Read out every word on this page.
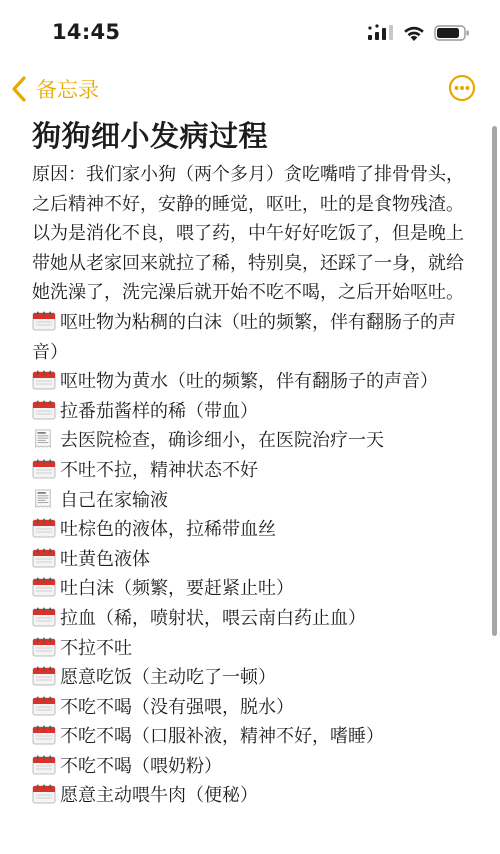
14:45
备忘录
狗狗细小发病过程
原因：我们家小狗（两个多月）贪吃嘴啃了排骨骨头，之后精神不好，安静的睡觉，呕吐，吐的是食物残渣。以为是消化不良，喂了药，中午好好吃饭了，但是晚上带她从老家回来就拉了稀，特别臭，还踩了一身，就给她洗澡了，洗完澡后就开始不吃不喝，之后开始呕吐。
呕吐物为粘稠的白沫（吐的频繁，伴有翻肠子的声音）
呕吐物为黄水（吐的频繁，伴有翻肠子的声音）
拉番茄酱样的稀（带血）
去医院检查，确诊细小，在医院治疗一天
不吐不拉，精神状态不好
自己在家输液
吐棕色的液体，拉稀带血丝
吐黄色液体
吐白沫（频繁，要赶紧止吐）
拉血（稀，喷射状，喂云南白药止血）
不拉不吐
愿意吃饭（主动吃了一顿）
不吃不喝（没有强喂，脱水）
不吃不喝（口服补液，精神不好，嗜睡）
不吃不喝（喂奶粉）
愿意主动喂牛肉（便秘）
